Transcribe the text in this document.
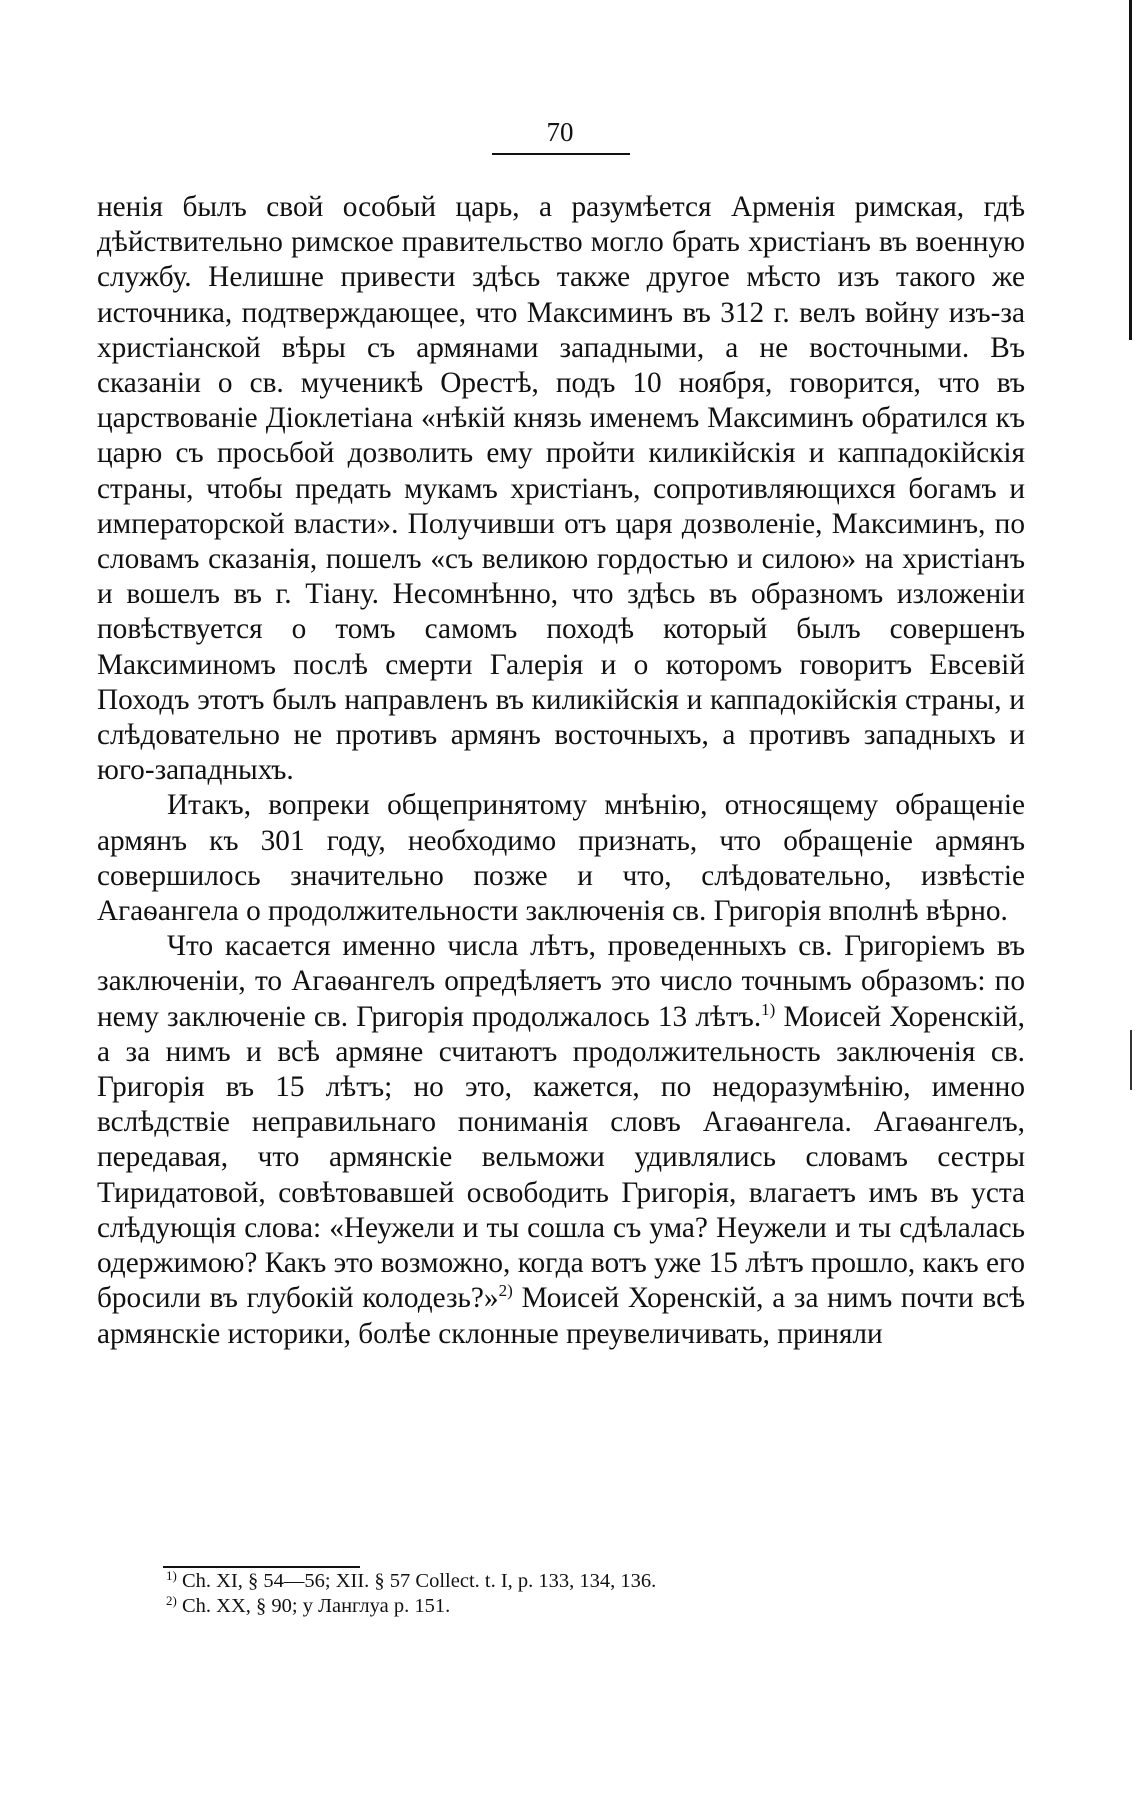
70

ненія былъ свой особый царь, а разумѣется Арменія римская, гдѣ дѣйствительно римское правительство могло брать христіанъ въ военную службу. Нелишне привести здѣсь также другое мѣсто изъ такого же источника, подтверждающее, что Максиминъ въ 312 г. велъ войну изъ-за христіанской вѣры съ армянами западными, а не восточными. Въ сказаніи о св. мученикѣ Орестѣ, подъ 10 ноября, говорится, что въ царствованіе Діоклетіана «нѣкій князь именемъ Максиминъ обратился къ царю съ просьбой дозволить ему пройти киликійскія и каппадокійскія страны, чтобы предать мукамъ христіанъ, сопротивляющихся богамъ и императорской власти». Получивши отъ царя дозволеніе, Максиминъ, по словамъ сказанія, пошелъ «съ великою гордостью и силою» на христіанъ и вошелъ въ г. Тіану. Несомнѣнно, что здѣсь въ образномъ изложеніи повѣствуется о томъ самомъ походѣ который былъ совершенъ Максиминомъ послѣ смерти Галерія и о которомъ говоритъ Евсевій Походъ этотъ былъ направленъ въ киликійскія и каппадокійскія страны, и слѣдовательно не противъ армянъ восточныхъ, а противъ западныхъ и юго-западныхъ.

Итакъ, вопреки общепринятому мнѣнію, относящему обращеніе армянъ къ 301 году, необходимо признать, что обращеніе армянъ совершилось значительно позже и что, слѣдовательно, извѣстіе Агаѳангела о продолжительности заключенія св. Григорія вполнѣ вѣрно.

Что касается именно числа лѣтъ, проведенныхъ св. Григоріемъ въ заключеніи, то Агаѳангелъ опредѣляетъ это число точнымъ образомъ: по нему заключеніе св. Григорія продолжалось 13 лѣтъ.$^{1)}$ Моисей Хоренскій, а за нимъ и всѣ армяне считаютъ продолжительность заключенія св. Григорія въ 15 лѣтъ; но это, кажется, по недоразумѣнію, именно вслѣдствіе неправильнаго пониманія словъ Агаѳангела. Агаѳангелъ, передавая, что армянскіе вельможи удивлялись словамъ сестры Тиридатовой, совѣтовавшей освободить Григорія, влагаетъ имъ въ уста слѣдующія слова: «Неужели и ты сошла съ ума? Неужели и ты сдѣлалась одержимою? Какъ это возможно, когда вотъ уже 15 лѣтъ прошло, какъ его бросили въ глубокій колодезь?»$^{2)}$ Моисей Хоренскій, а за нимъ почти всѣ армянскіе историки, болѣе склонные преувеличивать, приняли

$^{1)}$ Ch. XI, § 54—56; XII. § 57 Collect. t. I, p. 133, 134, 136.
$^{2)}$ Ch. XX, § 90; у Ланглуа p. 151.
